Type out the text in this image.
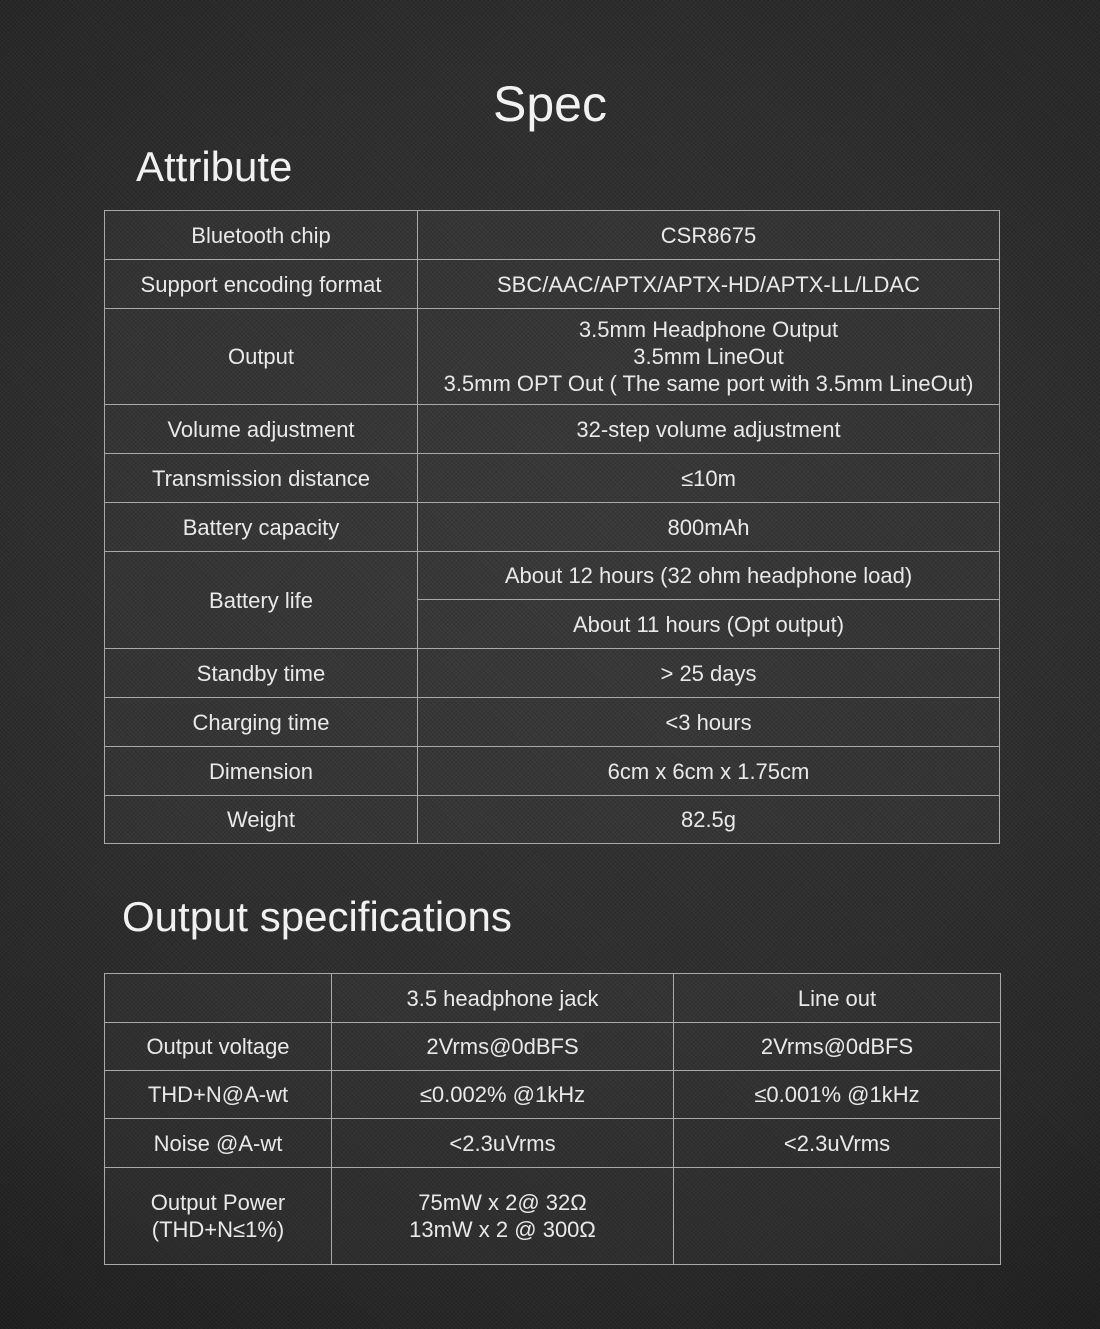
Spec
Attribute
Bluetooth chip	CSR8675
Support encoding format	SBC/AAC/APTX/APTX-HD/APTX-LL/LDAC
Output	3.5mm Headphone Output
3.5mm LineOut
3.5mm OPT Out ( The same port with 3.5mm LineOut)

Volume adjustment	32-step volume adjustment
Transmission distance	≤10m
Battery capacity	800mAh
Battery life	About 12 hours (32 ohm headphone load)
	About 11 hours (Opt output)
Standby time	> 25 days
Charging time	<3 hours
Dimension	6cm x 6cm x 1.75cm
Weight	82.5g
Output specifications
	3.5 headphone jack	Line out
Output voltage	2Vrms@0dBFS	2Vrms@0dBFS
THD+N@A-wt	≤0.002% @1kHz	≤0.001% @1kHz
Noise @A-wt	<2.3uVrms	<2.3uVrms

Output Power
(THD+N≤1%)	75mW x 2@ 32Ω
13mW x 2 @ 300Ω	
